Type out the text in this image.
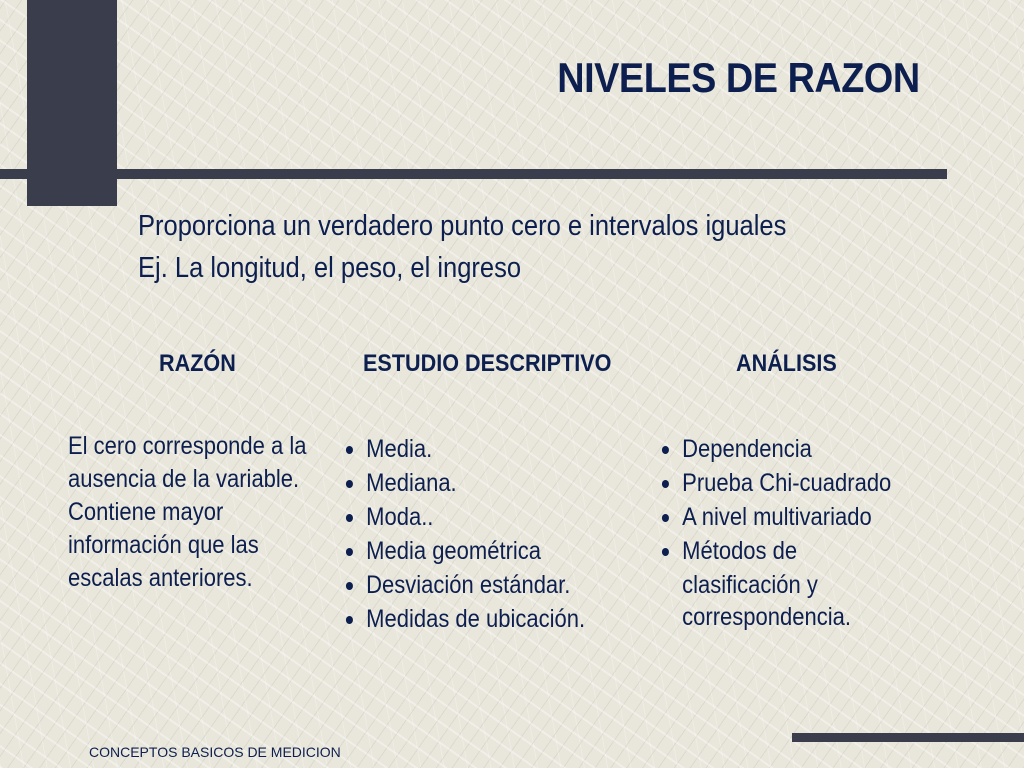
NIVELES DE RAZON
Proporciona un verdadero punto cero e intervalos iguales
Ej. La longitud, el peso, el ingreso
RAZÓN	ESTUDIO DESCRIPTIVO	ANÁLISIS
El cero corresponde a la
ausencia de la variable.
Contiene mayor
información que las
escalas anteriores.
Media.
Mediana.
Moda..
Media geométrica
Desviación estándar.
Medidas de ubicación.
Dependencia
Prueba Chi-cuadrado
A nivel multivariado
Métodos de
clasificación y
correspondencia.
CONCEPTOS BASICOS DE MEDICION
